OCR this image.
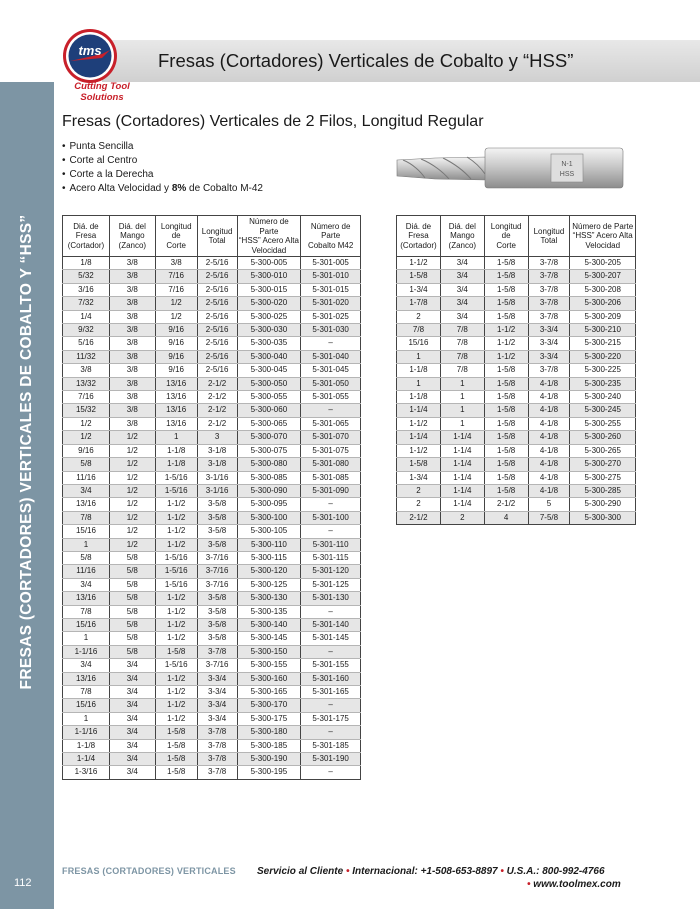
Fresas (Cortadores) Verticales de Cobalto y “HSS”
tms
Cutting Tool
Solutions
FRESAS (CORTADORES) VERTICALES DE COBALTO Y “HSS”
112
Fresas (Cortadores) Verticales de 2 Filos, Longitud Regular
• Punta Sencilla
• Corte al Centro
• Corte a la Derecha
• Acero Alta Velocidad y 8% de Cobalto M-42
N-1
HSS
Diá. de
Fresa
(Cortador)	Diá. del
Mango
(Zanco)	Longitud
de
Corte	Longitud
Total	Número de Parte
“HSS” Acero Alta
Velocidad	Número de Parte
Cobalto M42
1/8	3/8	3/8	2-5/16	5-300-005	5-301-005
5/32	3/8	7/16	2-5/16	5-300-010	5-301-010
3/16	3/8	7/16	2-5/16	5-300-015	5-301-015
7/32	3/8	1/2	2-5/16	5-300-020	5-301-020
1/4	3/8	1/2	2-5/16	5-300-025	5-301-025
9/32	3/8	9/16	2-5/16	5-300-030	5-301-030
5/16	3/8	9/16	2-5/16	5-300-035	–
11/32	3/8	9/16	2-5/16	5-300-040	5-301-040
3/8	3/8	9/16	2-5/16	5-300-045	5-301-045
13/32	3/8	13/16	2-1/2	5-300-050	5-301-050
7/16	3/8	13/16	2-1/2	5-300-055	5-301-055
15/32	3/8	13/16	2-1/2	5-300-060	–
1/2	3/8	13/16	2-1/2	5-300-065	5-301-065
1/2	1/2	1	3	5-300-070	5-301-070
9/16	1/2	1-1/8	3-1/8	5-300-075	5-301-075
5/8	1/2	1-1/8	3-1/8	5-300-080	5-301-080
11/16	1/2	1-5/16	3-1/16	5-300-085	5-301-085
3/4	1/2	1-5/16	3-1/16	5-300-090	5-301-090
13/16	1/2	1-1/2	3-5/8	5-300-095	–
7/8	1/2	1-1/2	3-5/8	5-300-100	5-301-100
15/16	1/2	1-1/2	3-5/8	5-300-105	–
1	1/2	1-1/2	3-5/8	5-300-110	5-301-110
5/8	5/8	1-5/16	3-7/16	5-300-115	5-301-115
11/16	5/8	1-5/16	3-7/16	5-300-120	5-301-120
3/4	5/8	1-5/16	3-7/16	5-300-125	5-301-125
13/16	5/8	1-1/2	3-5/8	5-300-130	5-301-130
7/8	5/8	1-1/2	3-5/8	5-300-135	–
15/16	5/8	1-1/2	3-5/8	5-300-140	5-301-140
1	5/8	1-1/2	3-5/8	5-300-145	5-301-145
1-1/16	5/8	1-5/8	3-7/8	5-300-150	–
3/4	3/4	1-5/16	3-7/16	5-300-155	5-301-155
13/16	3/4	1-1/2	3-3/4	5-300-160	5-301-160
7/8	3/4	1-1/2	3-3/4	5-300-165	5-301-165
15/16	3/4	1-1/2	3-3/4	5-300-170	–
1	3/4	1-1/2	3-3/4	5-300-175	5-301-175
1-1/16	3/4	1-5/8	3-7/8	5-300-180	–
1-1/8	3/4	1-5/8	3-7/8	5-300-185	5-301-185
1-1/4	3/4	1-5/8	3-7/8	5-300-190	5-301-190
1-3/16	3/4	1-5/8	3-7/8	5-300-195	–
Diá. de
Fresa
(Cortador)	Diá. del
Mango
(Zanco)	Longitud
de
Corte	Longitud
Total	Número de Parte
“HSS” Acero Alta
Velocidad
1-1/2	3/4	1-5/8	3-7/8	5-300-205
1-5/8	3/4	1-5/8	3-7/8	5-300-207
1-3/4	3/4	1-5/8	3-7/8	5-300-208
1-7/8	3/4	1-5/8	3-7/8	5-300-206
2	3/4	1-5/8	3-7/8	5-300-209
7/8	7/8	1-1/2	3-3/4	5-300-210
15/16	7/8	1-1/2	3-3/4	5-300-215
1	7/8	1-1/2	3-3/4	5-300-220
1-1/8	7/8	1-5/8	3-7/8	5-300-225
1	1	1-5/8	4-1/8	5-300-235
1-1/8	1	1-5/8	4-1/8	5-300-240
1-1/4	1	1-5/8	4-1/8	5-300-245
1-1/2	1	1-5/8	4-1/8	5-300-255
1-1/4	1-1/4	1-5/8	4-1/8	5-300-260
1-1/2	1-1/4	1-5/8	4-1/8	5-300-265
1-5/8	1-1/4	1-5/8	4-1/8	5-300-270
1-3/4	1-1/4	1-5/8	4-1/8	5-300-275
2	1-1/4	1-5/8	4-1/8	5-300-285
2	1-1/4	2-1/2	5	5-300-290
2-1/2	2	4	7-5/8	5-300-300
FRESAS (CORTADORES) VERTICALES Servicio al Cliente • Internacional: +1-508-653-8897 • U.S.A.: 800-992-4766
• www.toolmex.com
